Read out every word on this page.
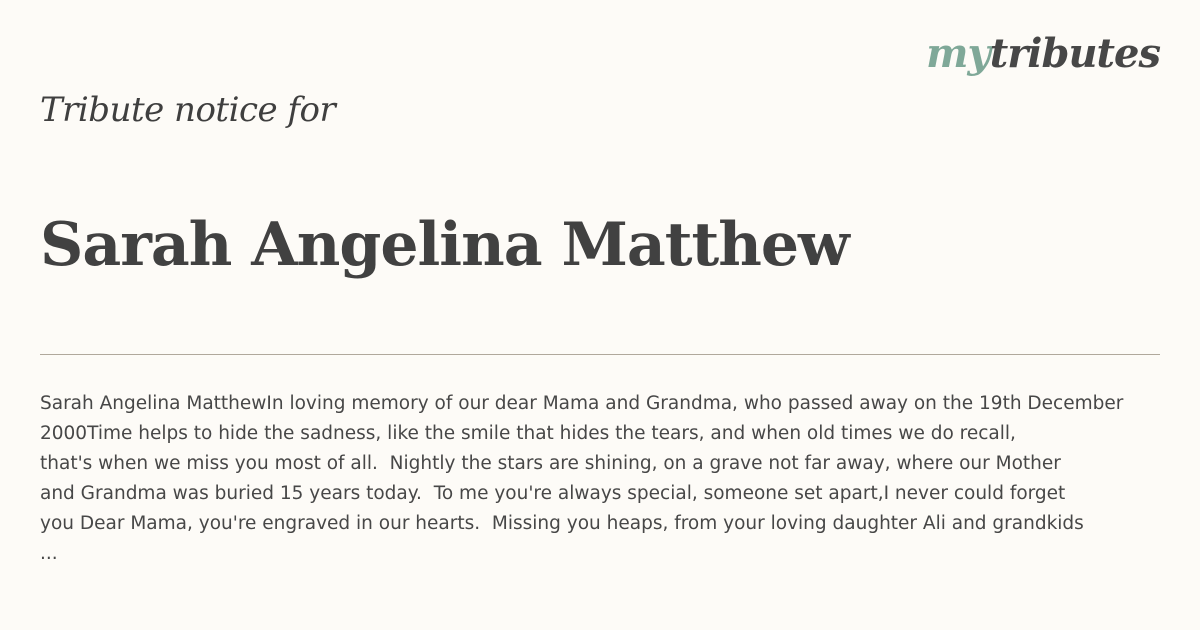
mytributes
Tribute notice for
Sarah Angelina Matthew
Sarah Angelina MatthewIn loving memory of our dear Mama and Grandma, who passed away on the 19th December
2000Time helps to hide the sadness, like the smile that hides the tears, and when old times we do recall,
that's when we miss you most of all.  Nightly the stars are shining, on a grave not far away, where our Mother
and Grandma was buried 15 years today.  To me you're always special, someone set apart,I never could forget
you Dear Mama, you're engraved in our hearts.  Missing you heaps, from your loving daughter Ali and grandkids
...
